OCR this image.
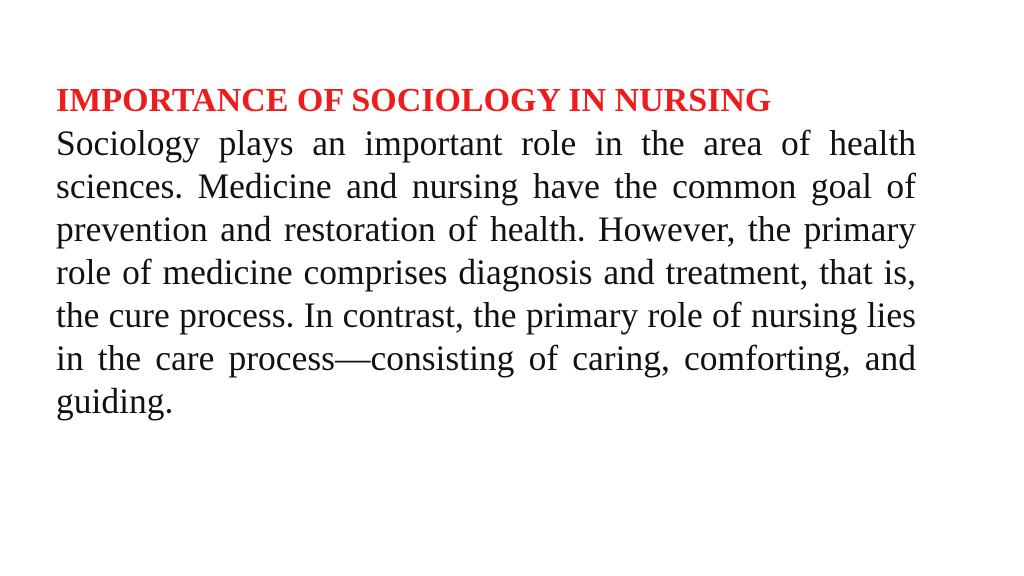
IMPORTANCE OF SOCIOLOGY IN NURSING

Sociology plays an important role in the area of health sciences. Medicine and nursing have the common goal of prevention and restoration of health. However, the primary role of medicine comprises diagnosis and treatment, that is, the cure process. In contrast, the primary role of nursing lies in the care process—consisting of caring, comforting, and guiding.
